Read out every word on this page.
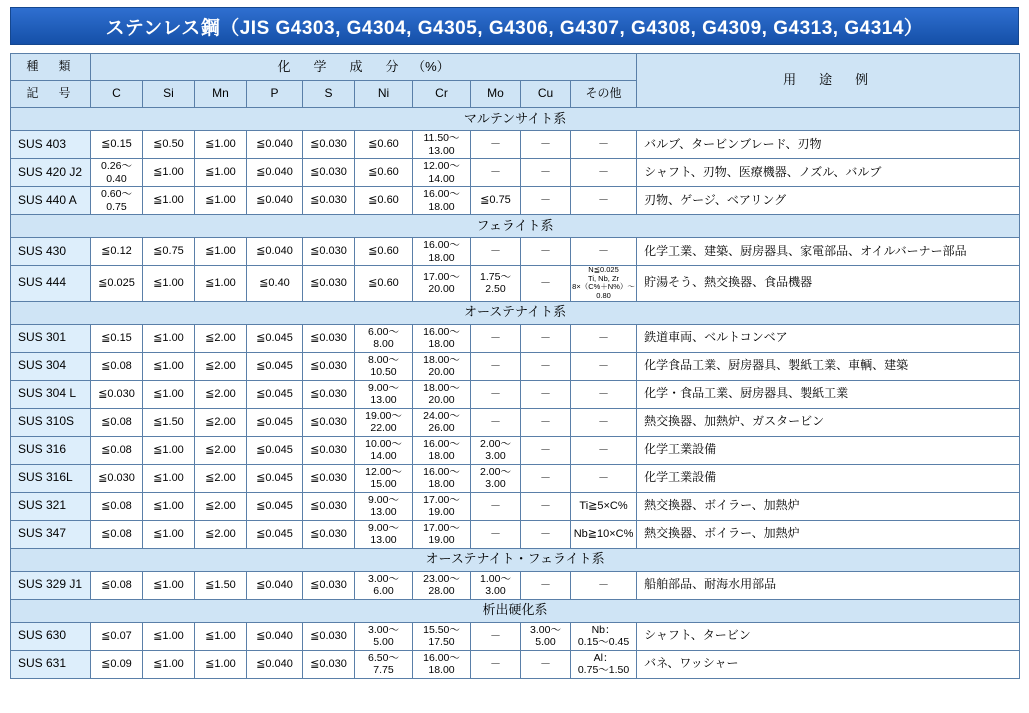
ステンレス鋼（JIS G4303, G4304, G4305, G4306, G4307, G4308, G4309, G4313, G4314）
種　類	化　学　成　分 （%）										用　途　例
記　号	C	Si	Mn	P	S	Ni	Cr	Mo	Cu	その他	
マルテンサイト系											
SUS 403	≦0.15	≦0.50	≦1.00	≦0.040	≦0.030	≦0.60	11.50～
13.00	－	－	－	バルブ、タービンブレード、刃物
SUS 420 J2	0.26～
0.40	≦1.00	≦1.00	≦0.040	≦0.030	≦0.60	12.00～
14.00	－	－	－	シャフト、刃物、医療機器、ノズル、バルブ
SUS 440 A	0.60～
0.75	≦1.00	≦1.00	≦0.040	≦0.030	≦0.60	16.00～
18.00	≦0.75	－	－	刃物、ゲージ、ベアリング
フェライト系											
SUS 430	≦0.12	≦0.75	≦1.00	≦0.040	≦0.030	≦0.60	16.00～
18.00	－	－	－	化学工業、建築、厨房器具、家電部品、オイルバーナー部品
SUS 444	≦0.025	≦1.00	≦1.00	≦0.40	≦0.030	≦0.60	17.00～
20.00	1.75～
2.50	－	N≦0.025
Ti, Nb, Zr
8×（C%＋N%）～0.80	貯湯そう、熱交換器、食品機器
オーステナイト系											
SUS 301	≦0.15	≦1.00	≦2.00	≦0.045	≦0.030	6.00～
8.00	16.00～
18.00	－	－	－	鉄道車両、ベルトコンベア
SUS 304	≦0.08	≦1.00	≦2.00	≦0.045	≦0.030	8.00～
10.50	18.00～
20.00	－	－	－	化学食品工業、厨房器具、製紙工業、車輌、建築
SUS 304 L	≦0.030	≦1.00	≦2.00	≦0.045	≦0.030	9.00～
13.00	18.00～
20.00	－	－	－	化学・食品工業、厨房器具、製紙工業
SUS 310S	≦0.08	≦1.50	≦2.00	≦0.045	≦0.030	19.00～
22.00	24.00～
26.00	－	－	－	熱交換器、加熱炉、ガスタービン
SUS 316	≦0.08	≦1.00	≦2.00	≦0.045	≦0.030	10.00～
14.00	16.00～
18.00	2.00～
3.00	－	－	化学工業設備
SUS 316L	≦0.030	≦1.00	≦2.00	≦0.045	≦0.030	12.00～
15.00	16.00～
18.00	2.00～
3.00	－	－	化学工業設備
SUS 321	≦0.08	≦1.00	≦2.00	≦0.045	≦0.030	9.00～
13.00	17.00～
19.00	－	－	Ti≧5×C%	熱交換器、ボイラー、加熱炉
SUS 347	≦0.08	≦1.00	≦2.00	≦0.045	≦0.030	9.00～
13.00	17.00～
19.00	－	－	Nb≧10×C%	熱交換器、ボイラー、加熱炉
オーステナイト・フェライト系											
SUS 329 J1	≦0.08	≦1.00	≦1.50	≦0.040	≦0.030	3.00～
6.00	23.00～
28.00	1.00～
3.00	－	－	船舶部品、耐海水用部品
析出硬化系											
SUS 630	≦0.07	≦1.00	≦1.00	≦0.040	≦0.030	3.00～
5.00	15.50～
17.50	－	3.00～
5.00	Nb：
0.15～0.45	シャフト、タービン
SUS 631	≦0.09	≦1.00	≦1.00	≦0.040	≦0.030	6.50～
7.75	16.00～
18.00	－	－	Al：
0.75～1.50	バネ、ワッシャー
